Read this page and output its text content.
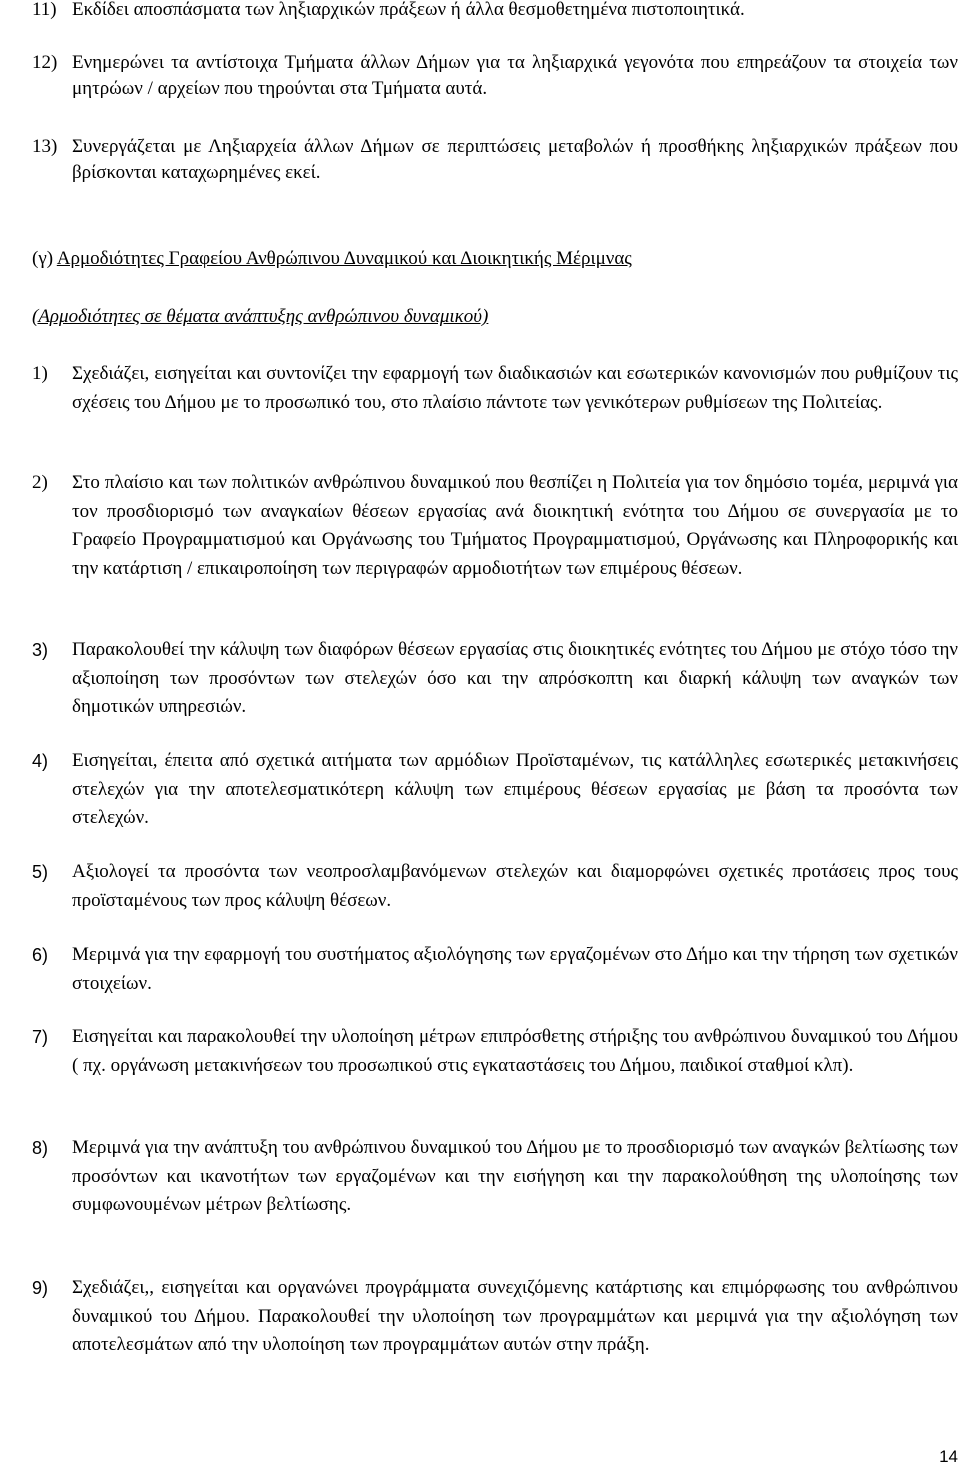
11) Εκδίδει αποσπάσματα των ληξιαρχικών πράξεων ή άλλα θεσμοθετημένα πιστοποιητικά.
12) Ενημερώνει τα αντίστοιχα Τμήματα άλλων Δήμων για τα ληξιαρχικά γεγονότα που επηρεάζουν τα στοιχεία των μητρώων / αρχείων που τηρούνται στα Τμήματα αυτά.
13) Συνεργάζεται με Ληξιαρχεία άλλων Δήμων σε περιπτώσεις μεταβολών ή προσθήκης ληξιαρχικών πράξεων που βρίσκονται καταχωρημένες εκεί.
(γ) Αρμοδιότητες Γραφείου Ανθρώπινου Δυναμικού και Διοικητικής Μέριμνας
(Αρμοδιότητες σε θέματα ανάπτυξης ανθρώπινου δυναμικού)
1)	Σχεδιάζει, εισηγείται και συντονίζει την εφαρμογή των διαδικασιών και εσωτερικών κανονισμών που ρυθμίζουν τις σχέσεις του Δήμου με το προσωπικό του, στο πλαίσιο πάντοτε των γενικότερων ρυθμίσεων της Πολιτείας.
2)	Στο πλαίσιο και των πολιτικών ανθρώπινου δυναμικού που θεσπίζει η Πολιτεία για τον δημόσιο τομέα, μεριμνά για τον προσδιορισμό των αναγκαίων θέσεων εργασίας ανά διοικητική ενότητα του Δήμου σε συνεργασία με το Γραφείο Προγραμματισμού και Οργάνωσης του Τμήματος Προγραμματισμού, Οργάνωσης και Πληροφορικής και την κατάρτιση / επικαιροποίηση των περιγραφών αρμοδιοτήτων των επιμέρους θέσεων.
3)	Παρακολουθεί την κάλυψη των διαφόρων θέσεων εργασίας στις διοικητικές ενότητες του Δήμου με στόχο τόσο την αξιοποίηση των προσόντων των στελεχών όσο και την απρόσκοπτη και διαρκή κάλυψη των αναγκών των δημοτικών υπηρεσιών.
4)	Εισηγείται, έπειτα από σχετικά αιτήματα των αρμόδιων Προϊσταμένων, τις κατάλληλες εσωτερικές μετακινήσεις στελεχών για την αποτελεσματικότερη κάλυψη των επιμέρους θέσεων εργασίας με βάση τα προσόντα των στελεχών.
5)	Αξιολογεί τα προσόντα των νεοπροσλαμβανόμενων στελεχών και διαμορφώνει σχετικές προτάσεις προς τους προϊσταμένους των προς κάλυψη θέσεων.
6)	Μεριμνά για την εφαρμογή του συστήματος αξιολόγησης των εργαζομένων στο Δήμο και την τήρηση των σχετικών στοιχείων.
7)	Εισηγείται και παρακολουθεί την υλοποίηση μέτρων επιπρόσθετης στήριξης του ανθρώπινου δυναμικού του Δήμου ( πχ. οργάνωση μετακινήσεων του προσωπικού στις εγκαταστάσεις του Δήμου, παιδικοί σταθμοί κλπ).
8)	Μεριμνά για την ανάπτυξη του ανθρώπινου δυναμικού του Δήμου με το προσδιορισμό των αναγκών βελτίωσης των προσόντων και ικανοτήτων των εργαζομένων και την εισήγηση και την παρακολούθηση της υλοποίησης των συμφωνουμένων μέτρων βελτίωσης.
9)	Σχεδιάζει,, εισηγείται και οργανώνει προγράμματα συνεχιζόμενης κατάρτισης και επιμόρφωσης του ανθρώπινου δυναμικού του Δήμου. Παρακολουθεί την υλοποίηση των προγραμμάτων και μεριμνά για την αξιολόγηση των αποτελεσμάτων από την υλοποίηση των προγραμμάτων αυτών στην πράξη.
14
